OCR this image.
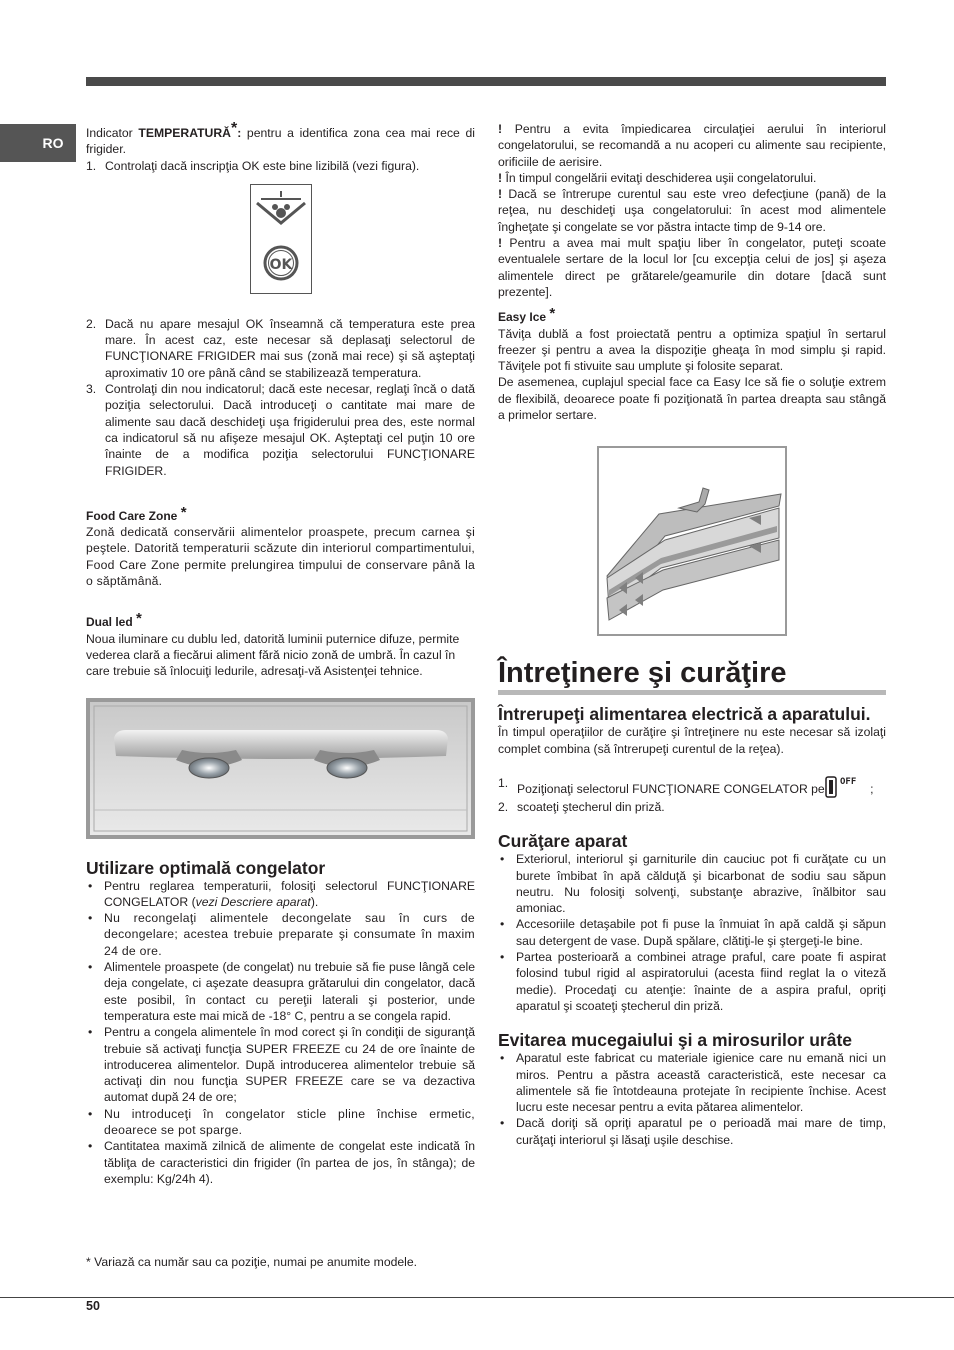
RO

Indicator TEMPERATURĂ*: pentru a identifica zona cea mai rece di frigider.

1. Controlaţi dacă inscripţia OK este bine lizibilă (vezi figura).
OK
2. Dacă nu apare mesajul OK înseamnă că temperatura este prea mare. În acest caz, este necesar să deplasaţi selectorul de FUNCŢIONARE FRIGIDER mai sus (zonă mai rece) şi să aşteptaţi aproximativ 10 ore până când se stabilizează temperatura.
3. Controlaţi din nou indicatorul; dacă este necesar, reglaţi încă o dată poziţia selectorului. Dacă introduceţi o cantitate mai mare de alimente sau dacă deschideţi uşa frigiderului prea des, este normal ca indicatorul să nu afişeze mesajul OK. Aşteptaţi cel puţin 10 ore înainte de a modifica poziţia selectorului FUNCŢIONARE FRIGIDER.

Food Care Zone *

Zonă dedicată conservării alimentelor proaspete, precum carnea şi peştele. Datorită temperaturii scăzute din interiorul compartimentului, Food Care Zone permite prelungirea timpului de conservare până la o săptămână.

Dual led *

Noua iluminare cu dublu led, datorită luminii puternice difuze, permite vederea clară a fiecărui aliment fără nicio zonă de umbră. În cazul în care trebuie să înlocuiţi ledurile, adresaţi-vă Asistenţei tehnice.

Utilizare optimală congelator

• Pentru reglarea temperaturii, folosiţi selectorul FUNCŢIONARE CONGELATOR (vezi Descriere aparat).
• Nu recongelaţi alimentele decongelate sau în curs de decongelare; acestea trebuie preparate şi consumate în maxim 24 de ore.
• Alimentele proaspete (de congelat) nu trebuie să fie puse lângă cele deja congelate, ci aşezate deasupra grătarului din congelator, dacă este posibil, în contact cu pereţii laterali şi posterior, unde temperatura este mai mică de -18° C, pentru a se congela rapid.
• Pentru a congela alimentele în mod corect şi în condiţii de siguranţă trebuie să activaţi funcţia SUPER FREEZE cu 24 de ore înainte de introducerea alimentelor. După introducerea alimentelor trebuie să activaţi din nou funcţia SUPER FREEZE care se va dezactiva automat după 24 de ore;
• Nu introduceţi în congelator sticle pline închise ermetic, deoarece se pot sparge.
• Cantitatea maximă zilnică de alimente de congelat este indicată în tăbliţa de caracteristici din frigider (în partea de jos, în stânga); de exemplu: Kg/24h 4).

! Pentru a evita împiedicarea circulaţiei aerului în interiorul congelatorului, se recomandă a nu acoperi cu alimente sau recipiente, orificiile de aerisire.

! În timpul congelării evitaţi deschiderea uşii congelatorului.

! Dacă se întrerupe curentul sau este vreo defecţiune (pană) de la reţea, nu deschideţi uşa congelatorului: în acest mod alimentele îngheţate şi congelate se vor păstra intacte timp de 9-14 ore.

! Pentru a avea mai mult spaţiu liber în congelator, puteţi scoate eventualele sertare de la locul lor [cu excepţia celui de jos] şi aşeza alimentele direct pe grătarele/geamurile din dotare [dacă sunt prezente].

Easy Ice *

Tăviţa dublă a fost proiectată pentru a optimiza spaţiul în sertarul freezer şi pentru a avea la dispoziţie gheaţa în mod simplu şi rapid. Tăviţele pot fi stivuite sau umplute şi folosite separat.

De asemenea, cuplajul special face ca Easy Ice să fie o soluţie extrem de flexibilă, deoarece poate fi poziţionată în partea dreapta sau stângă a primelor sertare.

Întreţinere şi curăţire

Întrerupeţi alimentarea electrică a aparatului.

În timpul operaţiilor de curăţire şi întreţinere nu este necesar să izolaţi complet combina (să întrerupeţi curentul de la reţea).

1. Poziţionaţi selectorul FUNCŢIONARE CONGELATOR pe OFF ;
2. scoateţi ştecherul din priză.

Curăţare aparat

• Exteriorul, interiorul şi garniturile din cauciuc pot fi curăţate cu un burete îmbibat în apă călduţă şi bicarbonat de sodiu sau săpun neutru. Nu folosiţi solvenţi, substanţe abrazive, înălbitor sau amoniac.
• Accesoriile detaşabile pot fi puse la înmuiat în apă caldă şi săpun sau detergent de vase. După spălare, clătiţi-le şi ştergeţi-le bine.
• Partea posterioară a combinei atrage praful, care poate fi aspirat folosind tubul rigid al aspiratorului (acesta fiind reglat la o viteză medie). Procedaţi cu atenţie: înainte de a aspira praful, opriţi aparatul şi scoateţi ştecherul din priză.

Evitarea mucegaiului şi a mirosurilor urâte

• Aparatul este fabricat cu materiale igienice care nu emană nici un miros. Pentru a păstra această caracteristică, este necesar ca alimentele să fie întotdeauna protejate în recipiente închise. Acest lucru este necesar pentru a evita pătarea alimentelor.
• Dacă doriţi să opriţi aparatul pe o perioadă mai mare de timp, curăţaţi interiorul şi lăsaţi uşile deschise.
* Variază ca număr sau ca poziţie, numai pe anumite modele.
50
